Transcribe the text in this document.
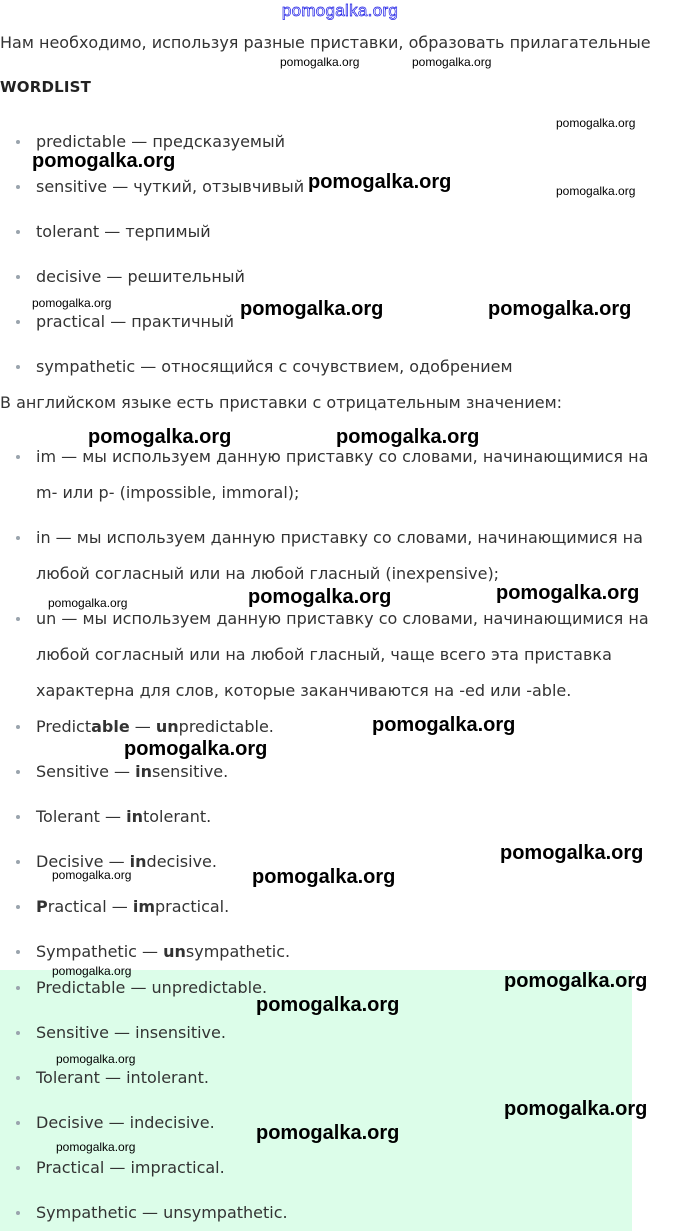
pomogalka.org
Нам необходимо, используя разные приставки, образовать прилагательные
WORDLIST
predictable — предсказуемый
sensitive — чуткий, отзывчивый
tolerant — терпимый
decisive — решительный
practical — практичный
sympathetic — относящийся с сочувствием, одобрением
В английском языке есть приставки с отрицательным значением:
im — мы используем данную приставку со словами, начинающимися на
m- или p- (impossible, immoral);
in — мы используем данную приставку со словами, начинающимися на
любой согласный или на любой гласный (inexpensive);
un — мы используем данную приставку со словами, начинающимися на
любой согласный или на любой гласный, чаще всего эта приставка
характерна для слов, которые заканчиваются на -ed или -able.
Predictable — unpredictable.
Sensitive — insensitive.
Tolerant — intolerant.
Decisive — indecisive.
Practical — impractical.
Sympathetic — unsympathetic.
Predictable — unpredictable.
Sensitive — insensitive.
Tolerant — intolerant.
Decisive — indecisive.
Practical — impractical.
Sympathetic — unsympathetic.
pomogalka.org	pomogalka.org
pomogalka.org
pomogalka.org
pomogalka.org	pomogalka.org
pomogalka.org	pomogalka.org	pomogalka.org
pomogalka.org	pomogalka.org
pomogalka.org	pomogalka.org	pomogalka.org
pomogalka.org
pomogalka.org
pomogalka.org
pomogalka.org	pomogalka.org
pomogalka.org	pomogalka.org
pomogalka.org
pomogalka.org
pomogalka.org
pomogalka.org
pomogalka.org
